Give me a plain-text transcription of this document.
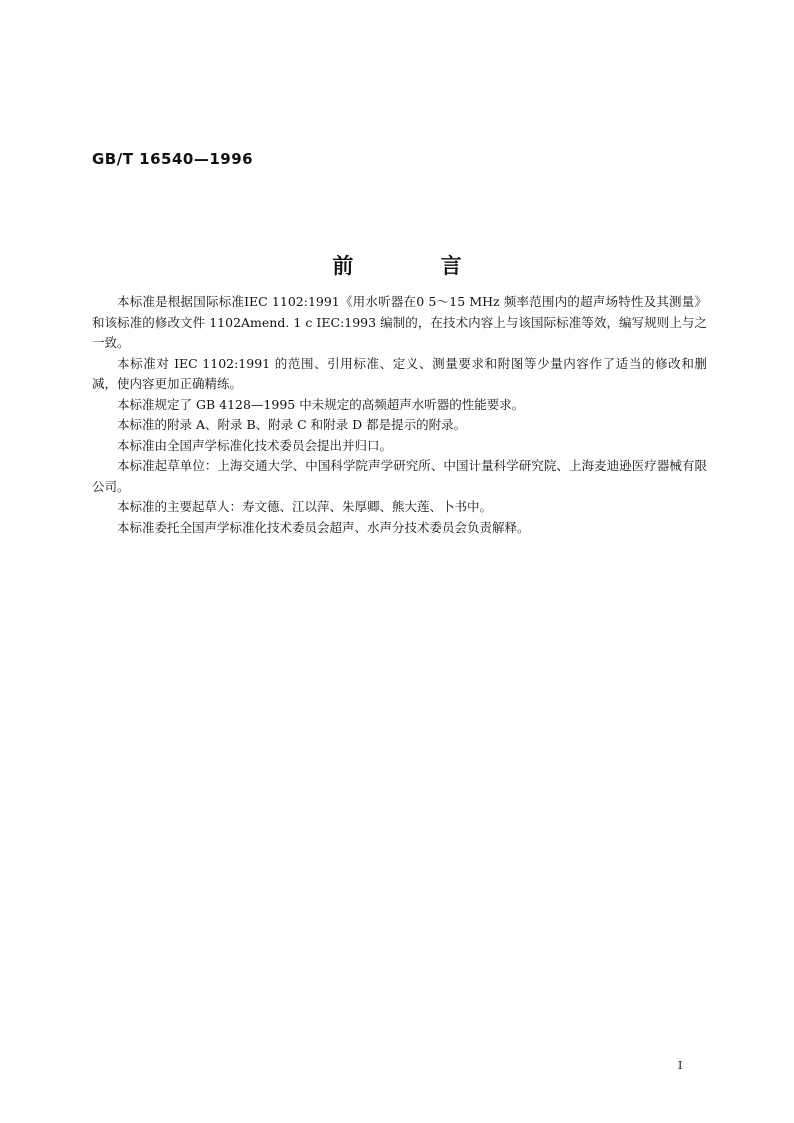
GB/T 16540—1996
前 言

本标准是根据国际标准IEC 1102:1991《用水听器在0 5～15 MHz 频率范围内的超声场特性及其测量》和该标准的修改文件 1102Amend. 1 c IEC:1993 编制的，在技术内容上与该国际标准等效，编写规则上与之一致。

本标准对 IEC 1102:1991 的范围、引用标准、定义、测量要求和附图等少量内容作了适当的修改和删减，使内容更加正确精练。

本标准规定了 GB 4128—1995 中未规定的高频超声水听器的性能要求。

本标准的附录 A、附录 B、附录 C 和附录 D 都是提示的附录。

本标准由全国声学标准化技术委员会提出并归口。

本标准起草单位：上海交通大学、中国科学院声学研究所、中国计量科学研究院、上海麦迪逊医疗器械有限公司。

本标准的主要起草人：寿文德、江以萍、朱厚卿、熊大莲、卜书中。

本标准委托全国声学标准化技术委员会超声、水声分技术委员会负责解释。

I
